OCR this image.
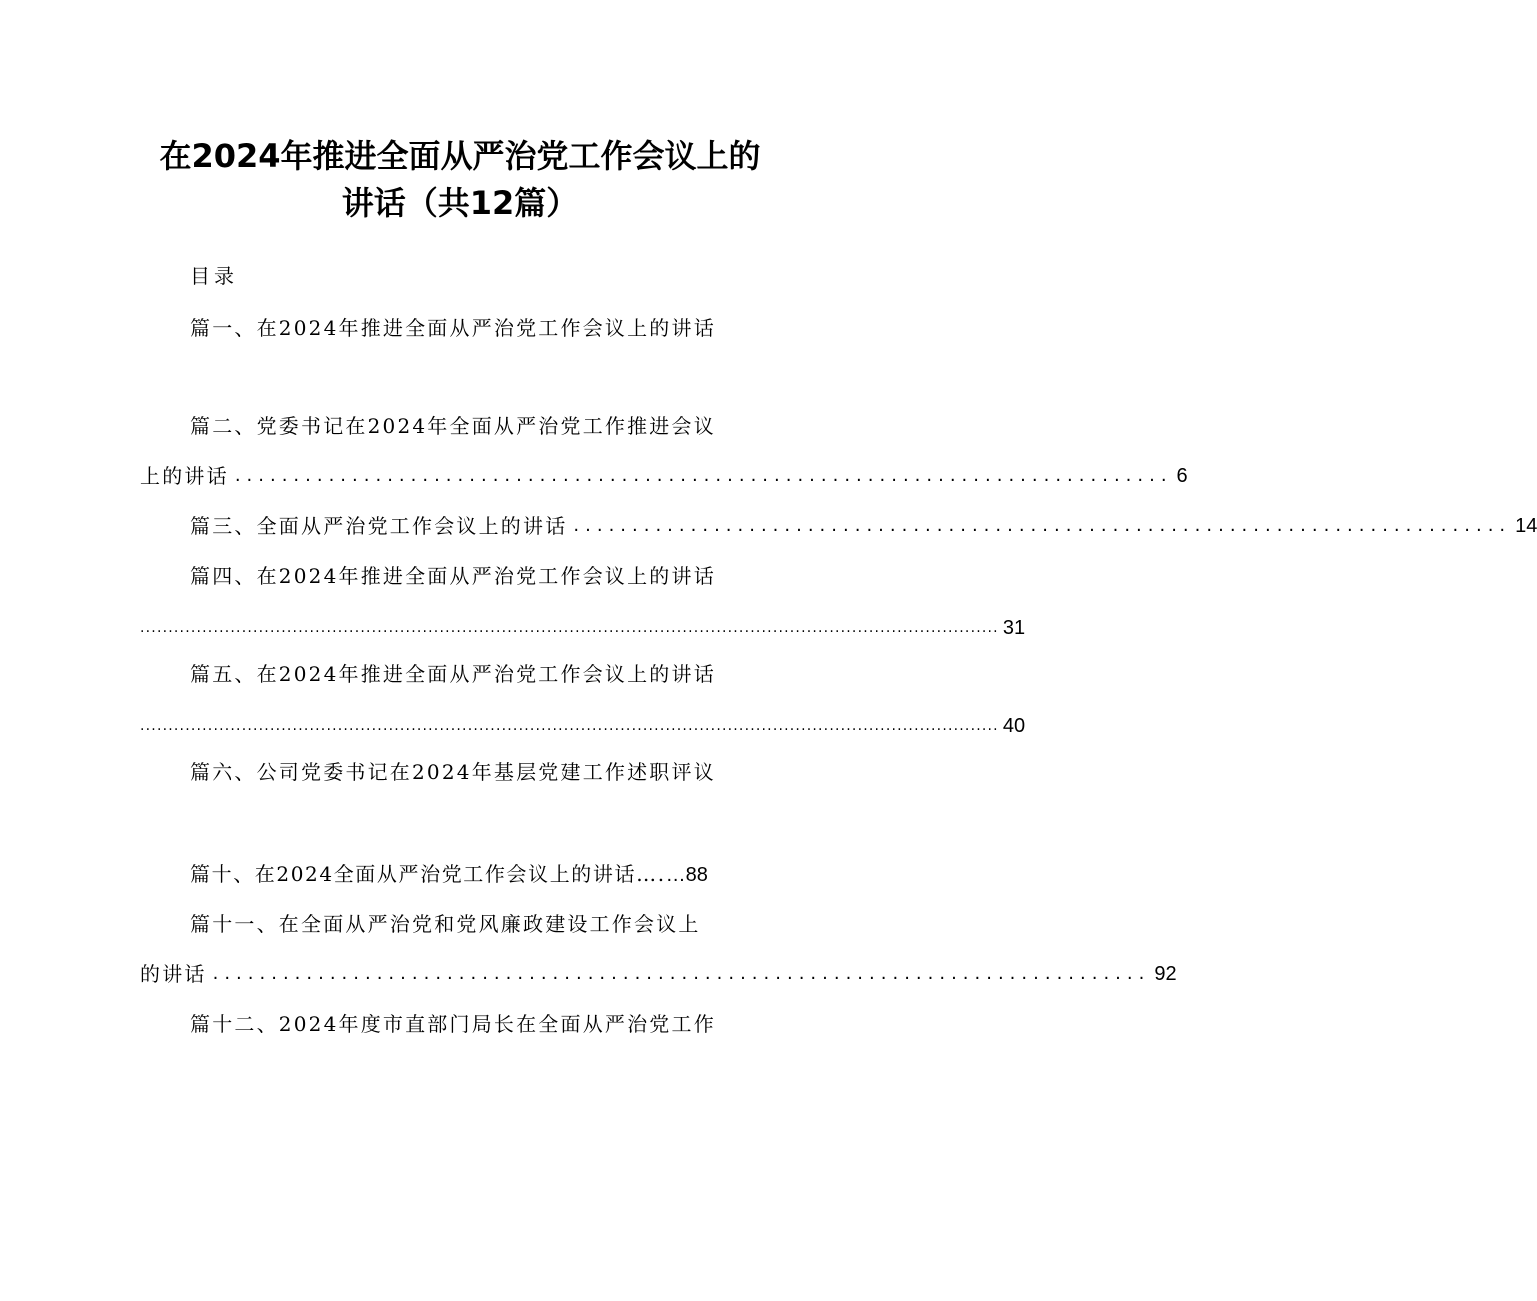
在2024年推进全面从严治党工作会议上的
讲话（共12篇）
目录
篇一、在2024年推进全面从严治党工作会议上的讲话
篇二、党委书记在2024年全面从严治党工作推进会议
上的讲话 ................................................................................ 6
篇三、全面从严治党工作会议上的讲话 ................................................................................ 14
篇四、在2024年推进全面从严治党工作会议上的讲话
........................................................................................................................................................ 31
篇五、在2024年推进全面从严治党工作会议上的讲话
........................................................................................................................................................ 40
篇六、公司党委书记在2024年基层党建工作述职评议
篇十、在2024全面从严治党工作会议上的讲话….…88
篇十一、在全面从严治党和党风廉政建设工作会议上
的讲话 ................................................................................ 92
篇十二、2024年度市直部门局长在全面从严治党工作
